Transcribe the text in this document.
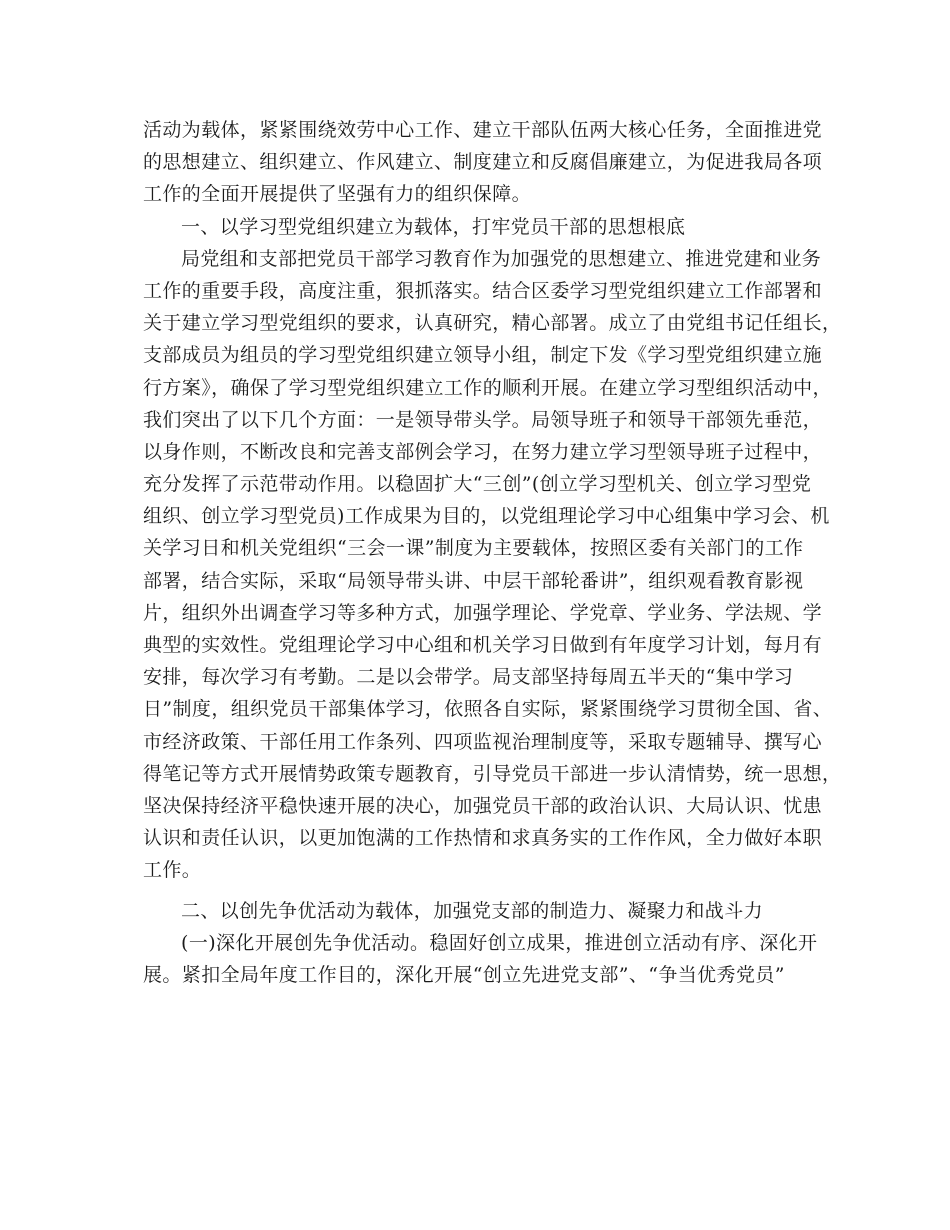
活动为载体，紧紧围绕效劳中心工作、建立干部队伍两大核心任务，全面推进党
的思想建立、组织建立、作风建立、制度建立和反腐倡廉建立，为促进我局各项
工作的全面开展提供了坚强有力的组织保障。
一、以学习型党组织建立为载体，打牢党员干部的思想根底
局党组和支部把党员干部学习教育作为加强党的思想建立、推进党建和业务
工作的重要手段，高度注重，狠抓落实。结合区委学习型党组织建立工作部署和
关于建立学习型党组织的要求，认真研究，精心部署。成立了由党组书记任组长，
支部成员为组员的学习型党组织建立领导小组，制定下发《学习型党组织建立施
行方案》，确保了学习型党组织建立工作的顺利开展。在建立学习型组织活动中，
我们突出了以下几个方面：一是领导带头学。局领导班子和领导干部领先垂范，
以身作则，不断改良和完善支部例会学习，在努力建立学习型领导班子过程中，
充分发挥了示范带动作用。以稳固扩大“三创”(创立学习型机关、创立学习型党
组织、创立学习型党员)工作成果为目的，以党组理论学习中心组集中学习会、机
关学习日和机关党组织“三会一课”制度为主要载体，按照区委有关部门的工作
部署，结合实际，采取“局领导带头讲、中层干部轮番讲”，组织观看教育影视
片，组织外出调查学习等多种方式，加强学理论、学党章、学业务、学法规、学
典型的实效性。党组理论学习中心组和机关学习日做到有年度学习计划，每月有
安排，每次学习有考勤。二是以会带学。局支部坚持每周五半天的“集中学习
日”制度，组织党员干部集体学习，依照各自实际，紧紧围绕学习贯彻全国、省、
市经济政策、干部任用工作条列、四项监视治理制度等，采取专题辅导、撰写心
得笔记等方式开展情势政策专题教育，引导党员干部进一步认清情势，统一思想，
坚决保持经济平稳快速开展的决心，加强党员干部的政治认识、大局认识、忧患
认识和责任认识，以更加饱满的工作热情和求真务实的工作作风，全力做好本职
工作。
二、以创先争优活动为载体，加强党支部的制造力、凝聚力和战斗力
(一)深化开展创先争优活动。稳固好创立成果，推进创立活动有序、深化开
展。紧扣全局年度工作目的，深化开展“创立先进党支部”、“争当优秀党员”
